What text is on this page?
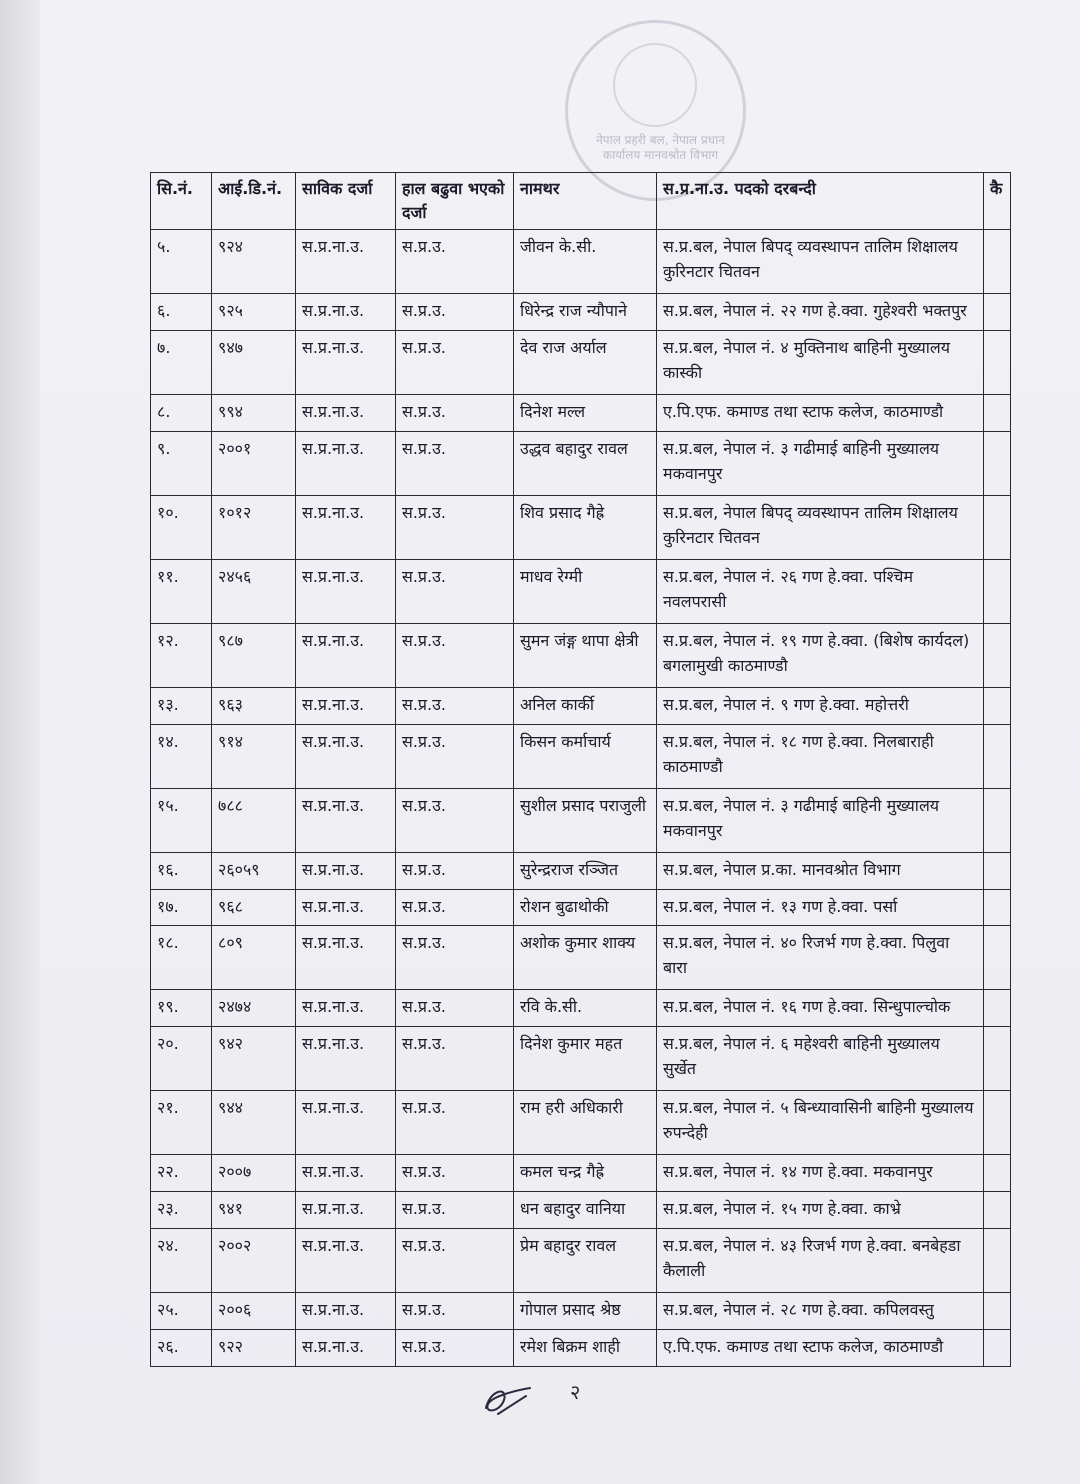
नेपाल प्रहरी बल, नेपाल प्रधान कार्यालय मानवश्रोत विभाग
सि.नं.	आई.डि.नं.	साविक दर्जा	हाल बढुवा भएको दर्जा	नामथर	स.प्र.ना.उ. पदको दरबन्दी	कै
५.	९२४	स.प्र.ना.उ.	स.प्र.उ.	जीवन के.सी.	स.प्र.बल, नेपाल बिपद् व्यवस्थापन तालिम शिक्षालय कुरिनटार चितवन	
६.	९२५	स.प्र.ना.उ.	स.प्र.उ.	धिरेन्द्र राज न्यौपाने	स.प्र.बल, नेपाल नं. २२ गण हे.क्वा. गुहेश्वरी भक्तपुर	
७.	९४७	स.प्र.ना.उ.	स.प्र.उ.	देव राज अर्याल	स.प्र.बल, नेपाल नं. ४ मुक्तिनाथ बाहिनी मुख्यालय कास्की	
८.	९९४	स.प्र.ना.उ.	स.प्र.उ.	दिनेश मल्ल	ए.पि.एफ. कमाण्ड तथा स्टाफ कलेज, काठमाण्डौ	
९.	२००१	स.प्र.ना.उ.	स.प्र.उ.	उद्धव बहादुर रावल	स.प्र.बल, नेपाल नं. ३ गढीमाई बाहिनी मुख्यालय मकवानपुर	
१०.	१०१२	स.प्र.ना.उ.	स.प्र.उ.	शिव प्रसाद गैह्रे	स.प्र.बल, नेपाल बिपद् व्यवस्थापन तालिम शिक्षालय कुरिनटार चितवन	
११.	२४५६	स.प्र.ना.उ.	स.प्र.उ.	माधव रेग्मी	स.प्र.बल, नेपाल नं. २६ गण हे.क्वा. पश्चिम नवलपरासी	
१२.	९८७	स.प्र.ना.उ.	स.प्र.उ.	सुमन जंङ्ग थापा क्षेत्री	स.प्र.बल, नेपाल नं. १९ गण हे.क्वा. (बिशेष कार्यदल) बगलामुखी काठमाण्डौ	
१३.	९६३	स.प्र.ना.उ.	स.प्र.उ.	अनिल कार्की	स.प्र.बल, नेपाल नं. ९ गण हे.क्वा. महोत्तरी	
१४.	९१४	स.प्र.ना.उ.	स.प्र.उ.	किसन कर्माचार्य	स.प्र.बल, नेपाल नं. १८ गण हे.क्वा. निलबाराही काठमाण्डौ	
१५.	७८८	स.प्र.ना.उ.	स.प्र.उ.	सुशील प्रसाद पराजुली	स.प्र.बल, नेपाल नं. ३ गढीमाई बाहिनी मुख्यालय मकवानपुर	
१६.	२६०५९	स.प्र.ना.उ.	स.प्र.उ.	सुरेन्द्रराज रञ्जित	स.प्र.बल, नेपाल प्र.का. मानवश्रोत विभाग	
१७.	९६८	स.प्र.ना.उ.	स.प्र.उ.	रोशन बुढाथोकी	स.प्र.बल, नेपाल नं. १३ गण हे.क्वा. पर्सा	
१८.	८०९	स.प्र.ना.उ.	स.प्र.उ.	अशोक कुमार शाक्य	स.प्र.बल, नेपाल नं. ४० रिजर्भ गण हे.क्वा. पिलुवा बारा	
१९.	२४७४	स.प्र.ना.उ.	स.प्र.उ.	रवि के.सी.	स.प्र.बल, नेपाल नं. १६ गण हे.क्वा. सिन्धुपाल्चोक	
२०.	९४२	स.प्र.ना.उ.	स.प्र.उ.	दिनेश कुमार महत	स.प्र.बल, नेपाल नं. ६ महेश्वरी बाहिनी मुख्यालय सुर्खेत	
२१.	९४४	स.प्र.ना.उ.	स.प्र.उ.	राम हरी अधिकारी	स.प्र.बल, नेपाल नं. ५ बिन्ध्यावासिनी बाहिनी मुख्यालय रुपन्देही	
२२.	२००७	स.प्र.ना.उ.	स.प्र.उ.	कमल चन्द्र गैह्रे	स.प्र.बल, नेपाल नं. १४ गण हे.क्वा. मकवानपुर	
२३.	९४१	स.प्र.ना.उ.	स.प्र.उ.	धन बहादुर वानिया	स.प्र.बल, नेपाल नं. १५ गण हे.क्वा. काभ्रे	
२४.	२००२	स.प्र.ना.उ.	स.प्र.उ.	प्रेम बहादुर रावल	स.प्र.बल, नेपाल नं. ४३ रिजर्भ गण हे.क्वा. बनबेहडा कैलाली	
२५.	२००६	स.प्र.ना.उ.	स.प्र.उ.	गोपाल प्रसाद श्रेष्ठ	स.प्र.बल, नेपाल नं. २८ गण हे.क्वा. कपिलवस्तु	
२६.	९२२	स.प्र.ना.उ.	स.प्र.उ.	रमेश बिक्रम शाही	ए.पि.एफ. कमाण्ड तथा स्टाफ कलेज, काठमाण्डौ	
२
